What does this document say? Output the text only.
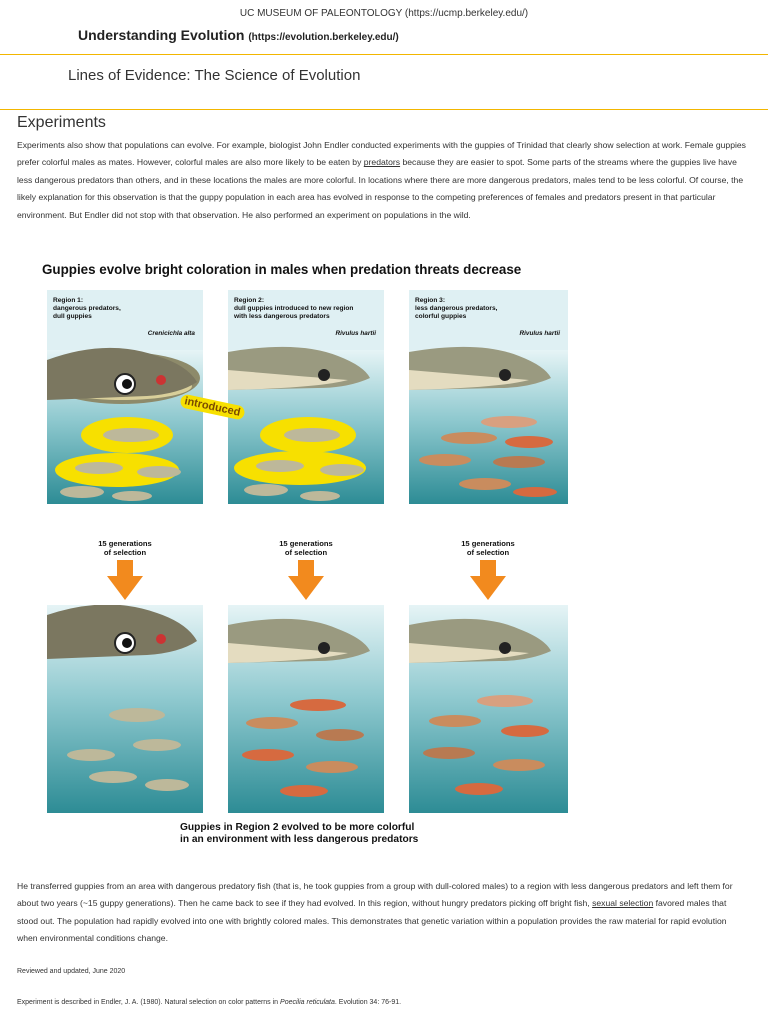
UC MUSEUM OF PALEONTOLOGY (https://ucmp.berkeley.edu/)
Understanding Evolution (https://evolution.berkeley.edu/)
Lines of Evidence: The Science of Evolution
Experiments

Experiments also show that populations can evolve. For example, biologist John Endler conducted experiments with the guppies of Trinidad that clearly show selection at work. Female guppies prefer colorful males as mates. However, colorful males are also more likely to be eaten by predators because they are easier to spot. Some parts of the streams where the guppies live have less dangerous predators than others, and in these locations the males are more colorful. In locations where there are more dangerous predators, males tend to be less colorful. Of course, the likely explanation for this observation is that the guppy population in each area has evolved in response to the competing preferences of females and predators present in that particular environment. But Endler did not stop with that observation. He also performed an experiment on populations in the wild.

Guppies evolve bright coloration in males when predation threats decrease
Region 1:
dangerous predators,
dull guppies
Crenicichla alta
Region 2:
dull guppies introduced to new region
with less dangerous predators
Rivulus hartii
Region 3:
less dangerous predators,
colorful guppies
Rivulus hartii
introduced
15 generations
of selection
15 generations
of selection
15 generations
of selection
Guppies in Region 2 evolved to be more colorful
in an environment with less dangerous predators

He transferred guppies from an area with dangerous predatory fish (that is, he took guppies from a group with dull-colored males) to a region with less dangerous predators and left them for about two years (~15 guppy generations). Then he came back to see if they had evolved. In this region, without hungry predators picking off bright fish, sexual selection favored males that stood out. The population had rapidly evolved into one with brightly colored males. This demonstrates that genetic variation within a population provides the raw material for rapid evolution when environmental conditions change.

Reviewed and updated, June 2020
Experiment is described in Endler, J. A. (1980). Natural selection on color patterns in Poecilia reticulata. Evolution 34: 76-91.
